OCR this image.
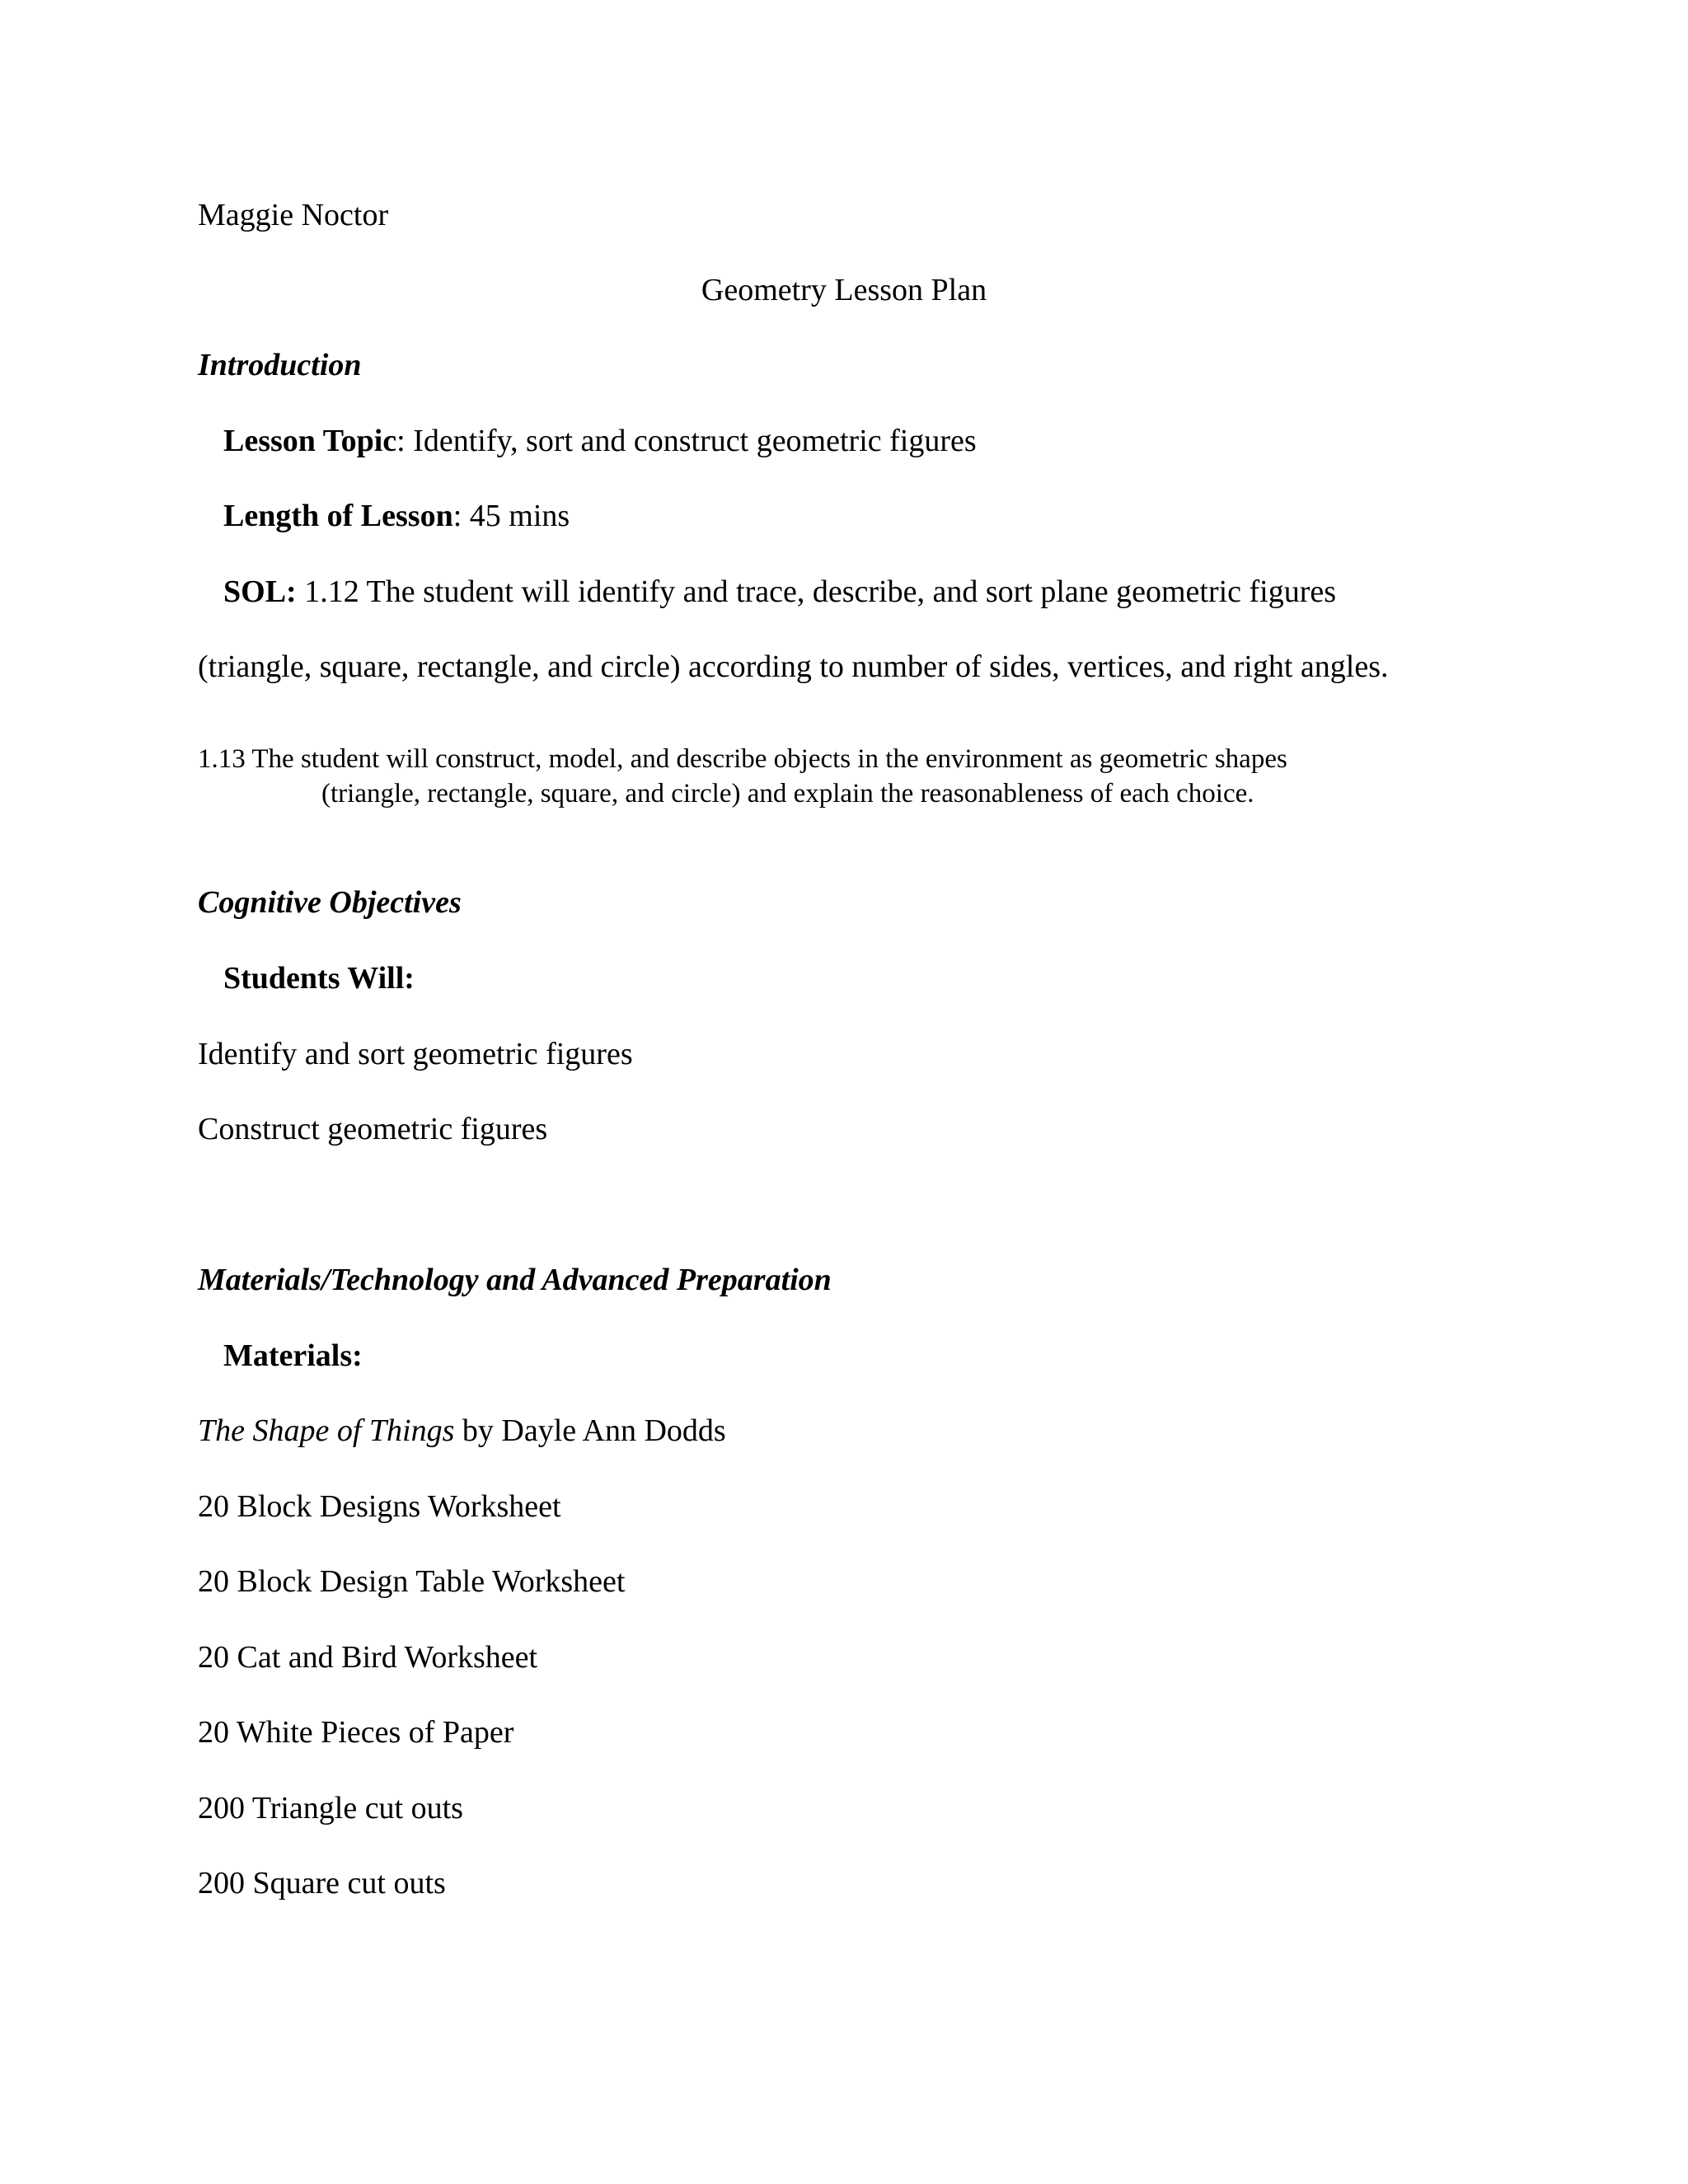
Maggie Noctor
Geometry Lesson Plan
Introduction
Lesson Topic: Identify, sort and construct geometric figures
Length of Lesson: 45 mins
SOL: 1.12 The student will identify and trace, describe, and sort plane geometric figures
(triangle, square, rectangle, and circle) according to number of sides, vertices, and right angles.
1.13 The student will construct, model, and describe objects in the environment as geometric shapes
(triangle, rectangle, square, and circle) and explain the reasonableness of each choice.
Cognitive Objectives
Students Will:
Identify and sort geometric figures
Construct geometric figures
Materials/Technology and Advanced Preparation
Materials:
The Shape of Things by Dayle Ann Dodds
20 Block Designs Worksheet
20 Block Design Table Worksheet
20 Cat and Bird Worksheet
20 White Pieces of Paper
200 Triangle cut outs
200 Square cut outs
